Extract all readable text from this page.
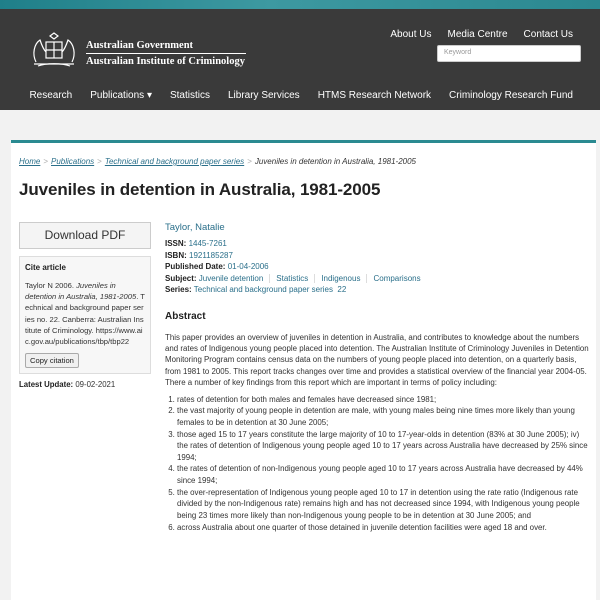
Australian Government
Australian Institute of Criminology
About Us Media Centre Contact Us
Keyword
Research Publications ▾ Statistics Library Services HTMS Research Network Criminology Research Fund
Home > Publications > Technical and background paper series > Juveniles in detention in Australia, 1981-2005
Juveniles in detention in Australia, 1981-2005
Download PDF
Cite article

Taylor N 2006. Juveniles in detention in Australia, 1981-2005. Technical and background paper series no. 22. Canberra: Australian Institute of Criminology. https://www.aic.gov.au/publications/tbp/tbp22

Copy citation
Latest Update: 09-02-2021
Taylor, Natalie
ISSN: 1445-7261
ISBN: 1921185287
Published Date: 01-04-2006
Subject: Juvenile detention Statistics Indigenous Comparisons
Series: Technical and background paper series 22
Abstract

This paper provides an overview of juveniles in detention in Australia, and contributes to knowledge about the numbers and rates of Indigenous young people placed into detention. The Australian Institute of Criminology Juveniles in Detention Monitoring Program contains census data on the numbers of young people placed into detention, on a quarterly basis, from 1981 to 2005. This report tracks changes over time and provides a statistical overview of the financial year 2004-05. There a number of key findings from this report which are important in terms of policy including:

1. rates of detention for both males and females have decreased since 1981;
2. the vast majority of young people in detention are male, with young males being nine times more likely than young females to be in detention at 30 June 2005;
3. those aged 15 to 17 years constitute the large majority of 10 to 17-year-olds in detention (83% at 30 June 2005); iv) the rates of detention of Indigenous young people aged 10 to 17 years across Australia have decreased by 25% since 1994;
4. the rates of detention of non-Indigenous young people aged 10 to 17 years across Australia have decreased by 44% since 1994;
5. the over-representation of Indigenous young people aged 10 to 17 in detention using the rate ratio (Indigenous rate divided by the non-Indigenous rate) remains high and has not decreased since 1994, with Indigenous young people being 23 times more likely than non-Indigenous young people to be in detention at 30 June 2005; and
6. across Australia about one quarter of those detained in juvenile detention facilities were aged 18 and over.
